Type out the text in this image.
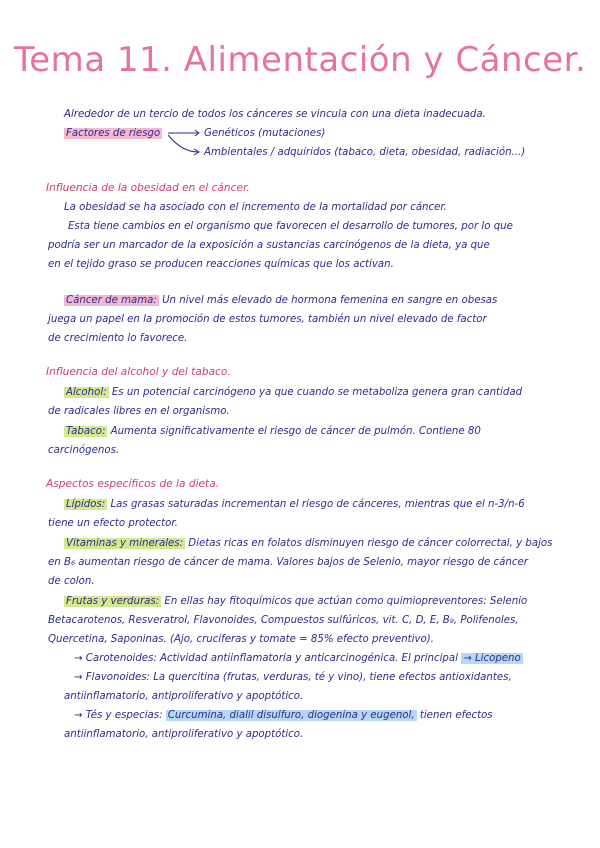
Tema 11. Alimentación y Cáncer.
Alrededor de un tercio de todos los cánceres se vincula con una dieta inadecuada.
Factores de riesgo	Genéticos (mutaciones)
Ambientales / adquiridos (tabaco, dieta, obesidad, radiación...)
Influencia de la obesidad en el cáncer.
La obesidad se ha asociado con el incremento de la mortalidad por cáncer.
Esta tiene cambios en el organismo que favorecen el desarrollo de tumores, por lo que
podría ser un marcador de la exposición a sustancias carcinógenos de la dieta, ya que
en el tejido graso se producen reacciones químicas que los activan.
Cáncer de mama: Un nivel más elevado de hormona femenina en sangre en obesas
juega un papel en la promoción de estos tumores, también un nivel elevado de factor
de crecimiento lo favorece.
Influencia del alcohol y del tabaco.
Alcohol: Es un potencial carcinógeno ya que cuando se metaboliza genera gran cantidad
de radicales libres en el organismo.
Tabaco: Aumenta significativamente el riesgo de cáncer de pulmón. Contiene 80
carcinógenos.
Aspectos específicos de la dieta.
Lípidos: Las grasas saturadas incrementan el riesgo de cánceres, mientras que el n-3/n-6
tiene un efecto protector.
Vitaminas y minerales: Dietas ricas en folatos disminuyen riesgo de cáncer colorrectal, y bajos
en B₆ aumentan riesgo de cáncer de mama. Valores bajos de Selenio, mayor riesgo de cáncer
de colon.
Frutas y verduras: En ellas hay fitoquímicos que actúan como quimiopreventores: Selenio
Betacarotenos, Resveratrol, Flavonoides, Compuestos sulfúricos, vit. C, D, E, B₉, Polifenoles,
Quercetina, Saponinas. (Ajo, crucíferas y tomate = 85% efecto preventivo).
→ Carotenoides: Actividad antiinflamatoria y anticarcinogénica. El principal → Licopeno
→ Flavonoides: La quercitina (frutas, verduras, té y vino), tiene efectos antioxidantes,
antiinflamatorio, antiproliferativo y apoptótico.
→ Tés y especias: Curcumina, dialil disulfuro, diogenina y eugenol, tienen efectos
antiinflamatorio, antiproliferativo y apoptótico.
